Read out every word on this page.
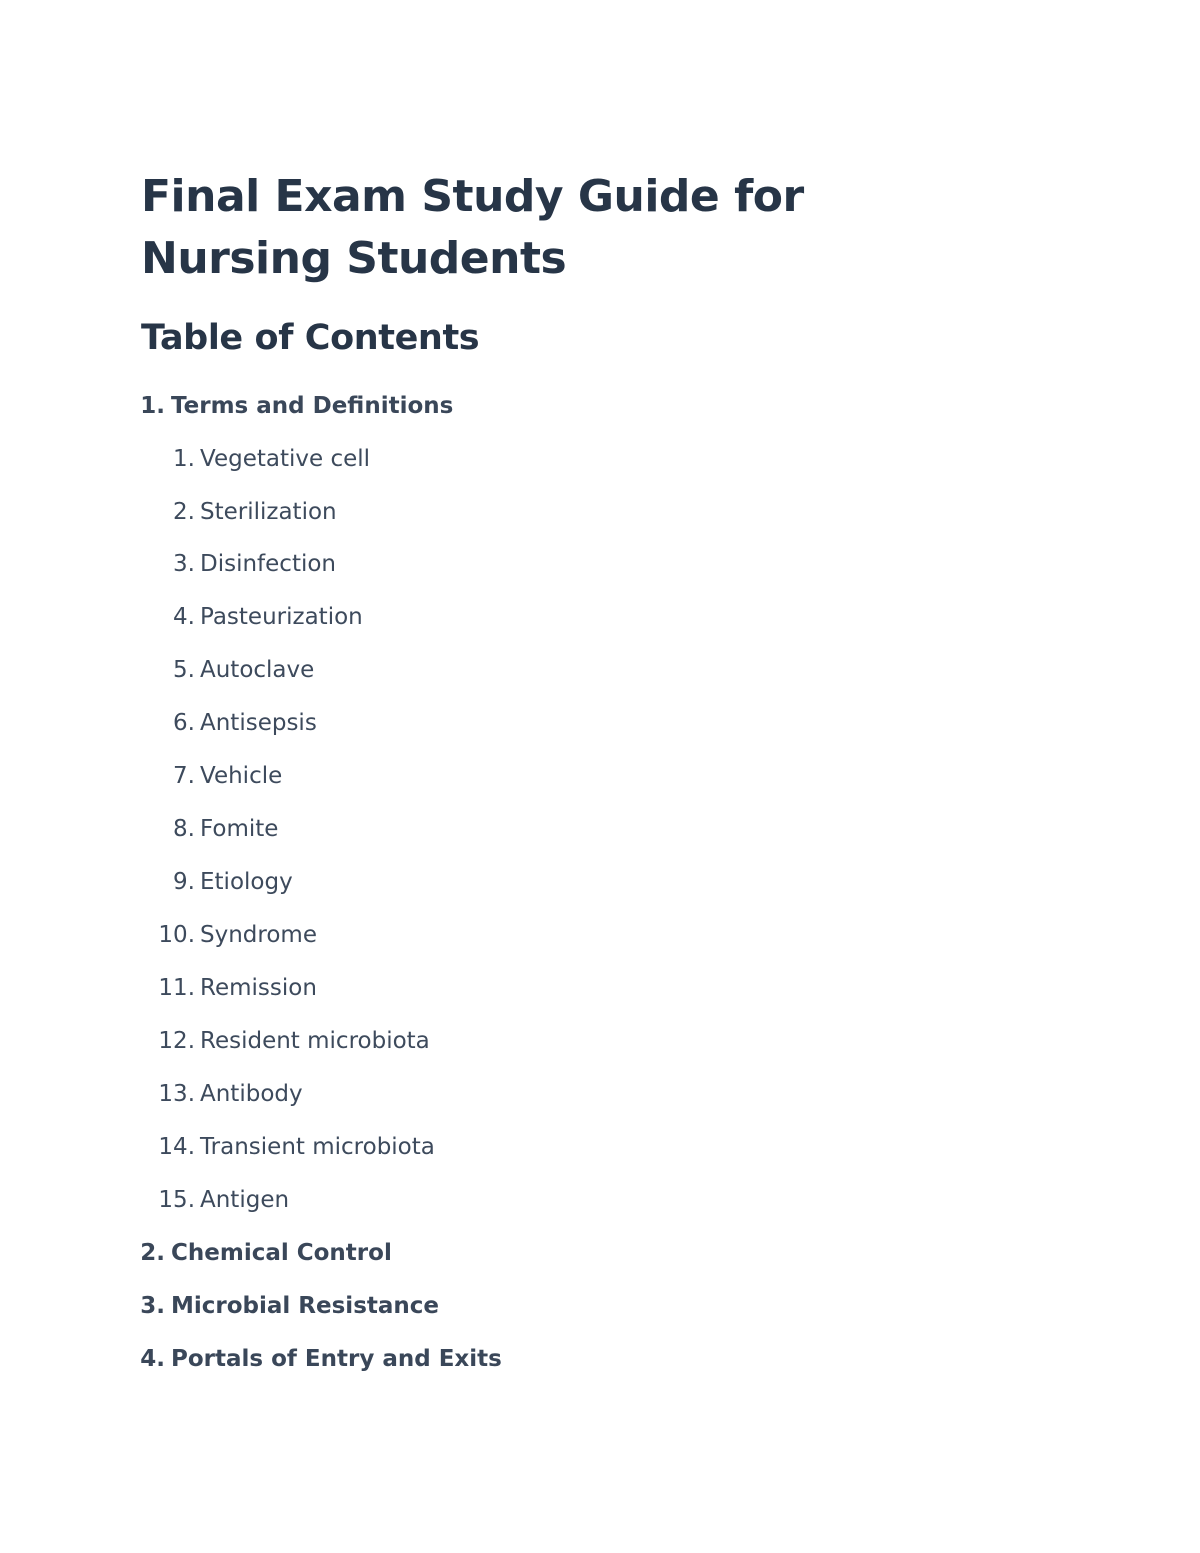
Final Exam Study Guide for Nursing Students
Table of Contents
1. Terms and Definitions
1. Vegetative cell
2. Sterilization
3. Disinfection
4. Pasteurization
5. Autoclave
6. Antisepsis
7. Vehicle
8. Fomite
9. Etiology
10. Syndrome
11. Remission
12. Resident microbiota
13. Antibody
14. Transient microbiota
15. Antigen
2. Chemical Control
3. Microbial Resistance
4. Portals of Entry and Exits
